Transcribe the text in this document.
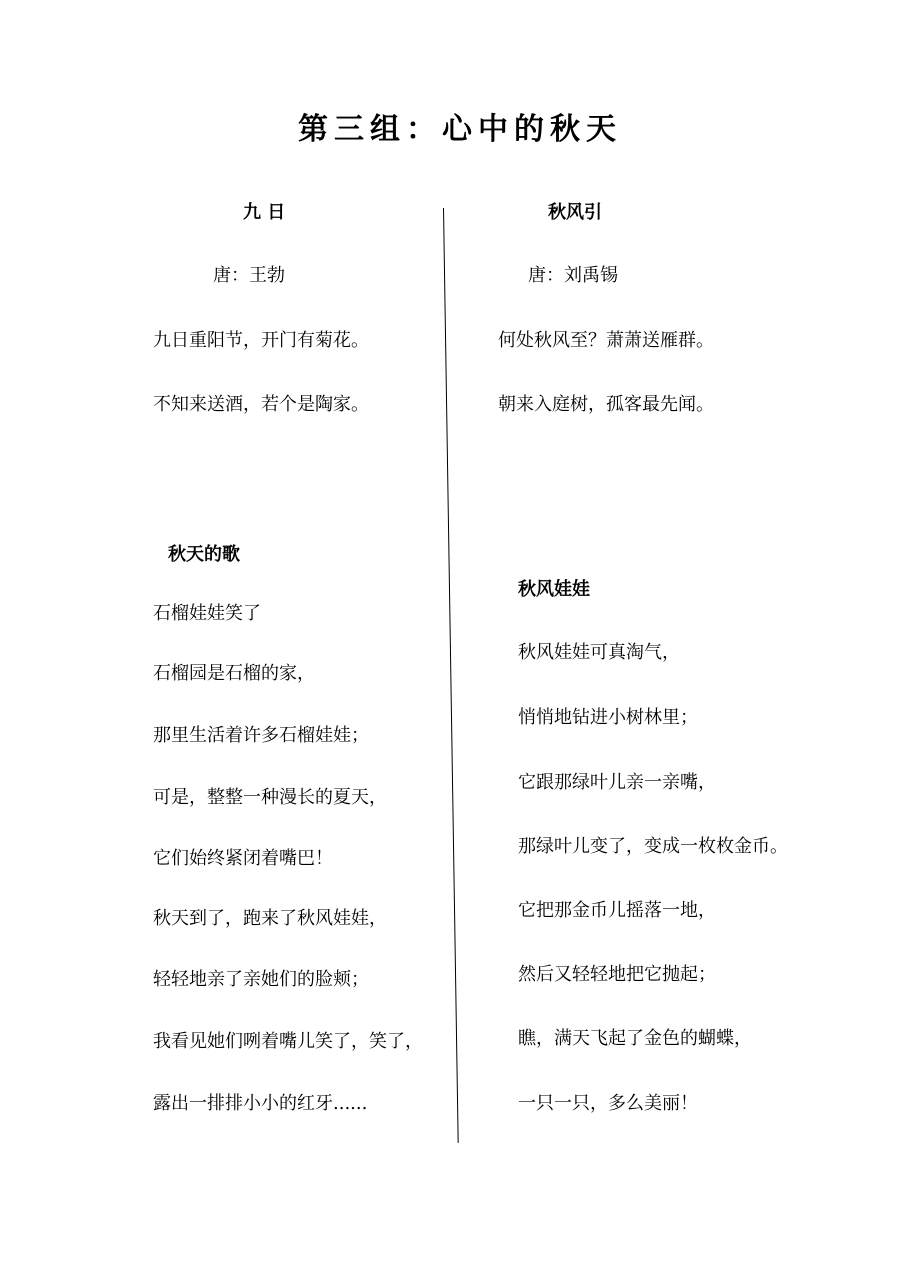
第三组：心中的秋天
九 日
唐：王勃
九日重阳节，开门有菊花。
不知来送酒，若个是陶家。
秋风引
唐：刘禹锡
何处秋风至？萧萧送雁群。
朝来入庭树，孤客最先闻。
秋天的歌
石榴娃娃笑了
石榴园是石榴的家，
那里生活着许多石榴娃娃；
可是，整整一种漫长的夏天，
它们始终紧闭着嘴巴！
秋天到了，跑来了秋风娃娃，
轻轻地亲了亲她们的脸颊；
我看见她们咧着嘴儿笑了，笑了，
露出一排排小小的红牙......
秋风娃娃
秋风娃娃可真淘气，
悄悄地钻进小树林里；
它跟那绿叶儿亲一亲嘴，
那绿叶儿变了，变成一枚枚金币。
它把那金币儿摇落一地，
然后又轻轻地把它抛起；
瞧，满天飞起了金色的蝴蝶，
一只一只，多么美丽！
